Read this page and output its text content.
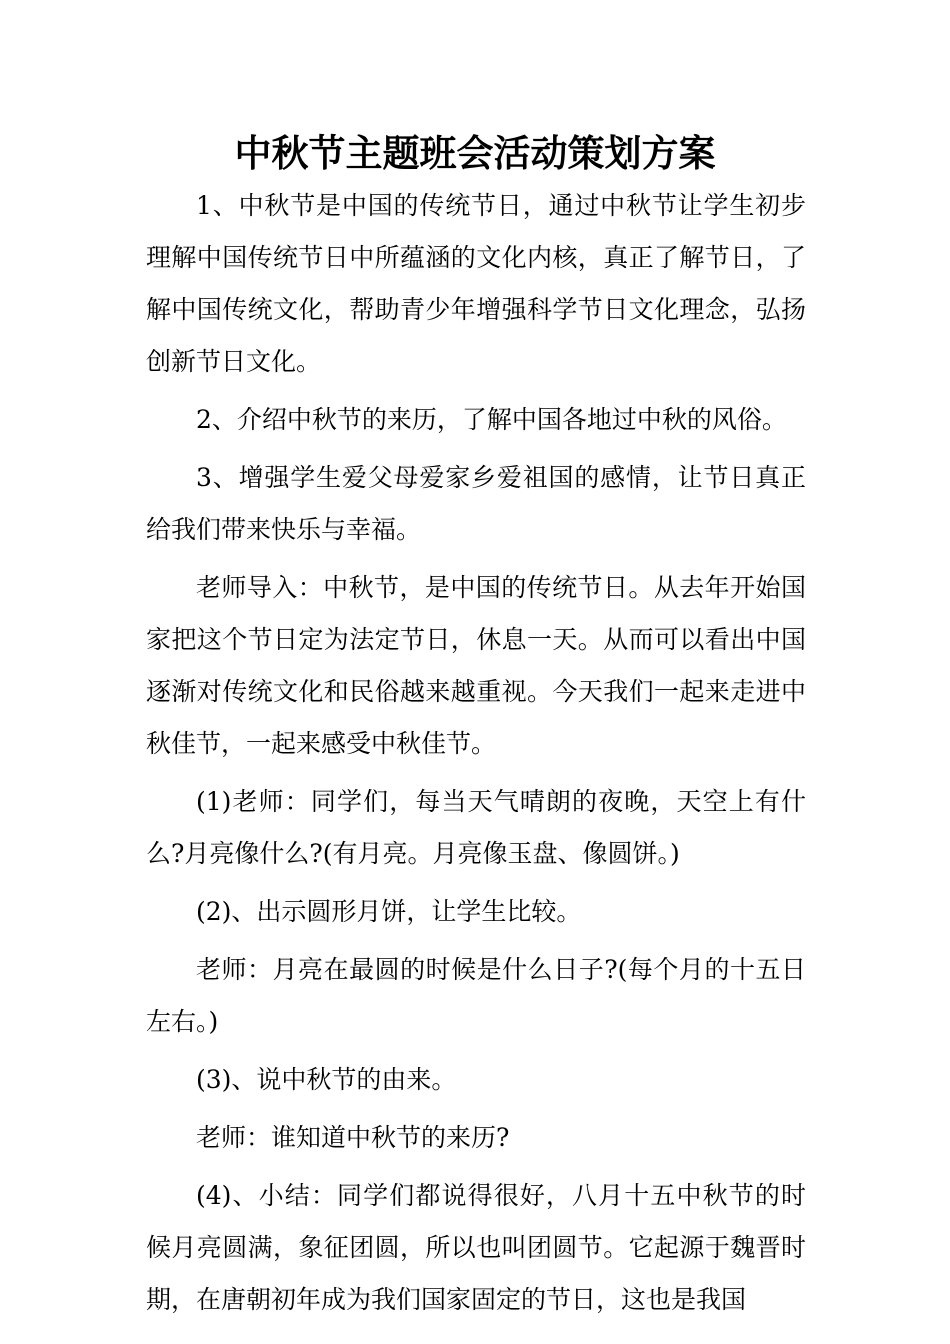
中秋节主题班会活动策划方案

1、中秋节是中国的传统节日，通过中秋节让学生初步理解中国传统节日中所蕴涵的文化内核，真正了解节日，了解中国传统文化，帮助青少年增强科学节日文化理念，弘扬创新节日文化。

2、介绍中秋节的来历，了解中国各地过中秋的风俗。

3、增强学生爱父母爱家乡爱祖国的感情，让节日真正给我们带来快乐与幸福。

老师导入：中秋节，是中国的传统节日。从去年开始国家把这个节日定为法定节日，休息一天。从而可以看出中国逐渐对传统文化和民俗越来越重视。今天我们一起来走进中秋佳节，一起来感受中秋佳节。

(1)老师：同学们，每当天气晴朗的夜晚，天空上有什么?月亮像什么?(有月亮。月亮像玉盘、像圆饼。)

(2)、出示圆形月饼，让学生比较。

老师：月亮在最圆的时候是什么日子?(每个月的十五日左右。)

(3)、说中秋节的由来。

老师：谁知道中秋节的来历?

(4)、小结：同学们都说得很好，八月十五中秋节的时候月亮圆满，象征团圆，所以也叫团圆节。它起源于魏晋时期，在唐朝初年成为我们国家固定的节日，这也是我国
